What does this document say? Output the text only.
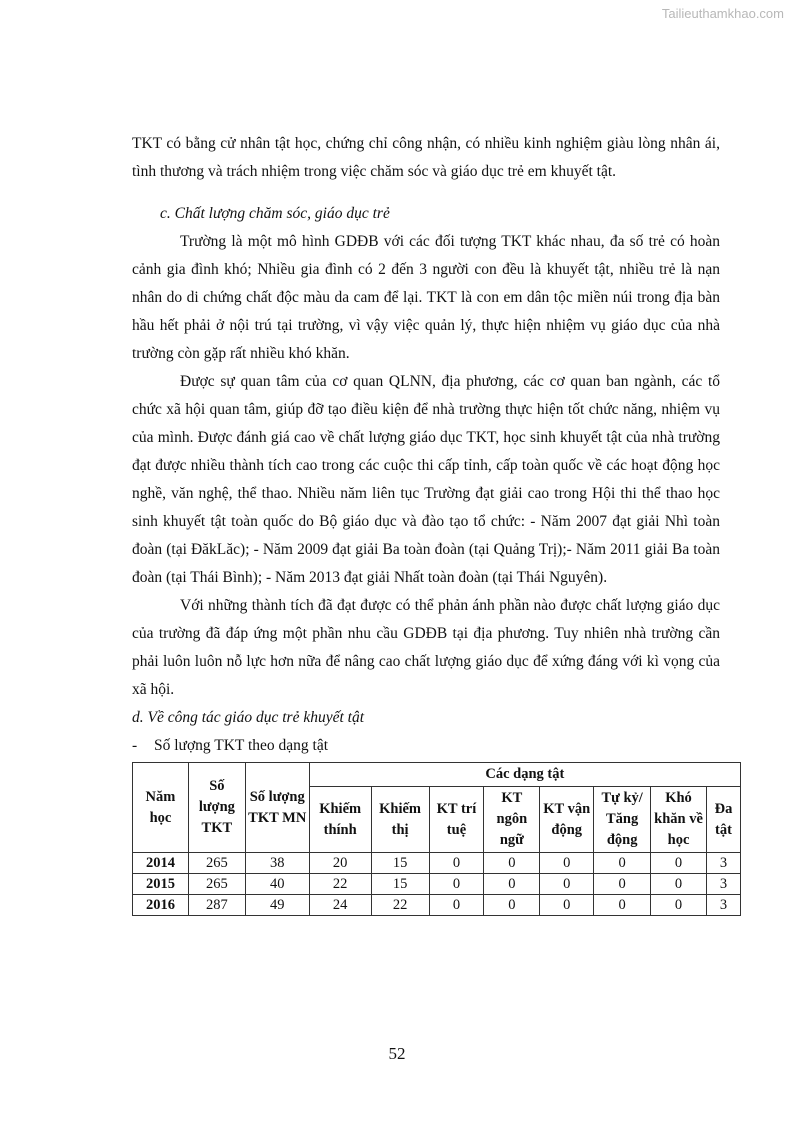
Tailieuthamkhao.com

TKT có bằng cử nhân tật học, chứng chỉ công nhận, có nhiều kinh nghiệm giàu lòng nhân ái, tình thương và trách nhiệm trong việc chăm sóc và giáo dục trẻ em khuyết tật.

c. Chất lượng chăm sóc, giáo dục trẻ

Trường là một mô hình GDĐB với các đối tượng TKT khác nhau, đa số trẻ có hoàn cảnh gia đình khó; Nhiều gia đình có 2 đến 3 người con đều là khuyết tật, nhiều trẻ là nạn nhân do di chứng chất độc màu da cam để lại. TKT là con em dân tộc miền núi trong địa bàn hầu hết phải ở nội trú tại trường, vì vậy việc quản lý, thực hiện nhiệm vụ giáo dục của nhà trường còn gặp rất nhiều khó khăn.

Được sự quan tâm của cơ quan QLNN, địa phương, các cơ quan ban ngành, các tổ chức xã hội quan tâm, giúp đỡ tạo điều kiện để nhà trường thực hiện tốt chức năng, nhiệm vụ của mình. Được đánh giá cao về chất lượng giáo dục TKT, học sinh khuyết tật của nhà trường đạt được nhiều thành tích cao trong các cuộc thi cấp tỉnh, cấp toàn quốc về các hoạt động học nghề, văn nghệ, thể thao. Nhiều năm liên tục Trường đạt giải cao trong Hội thi thể thao học sinh khuyết tật toàn quốc do Bộ giáo dục và đào tạo tổ chức: - Năm 2007 đạt giải Nhì toàn đoàn (tại ĐăkLăc); - Năm 2009 đạt giải Ba toàn đoàn (tại Quảng Trị);- Năm 2011 giải Ba toàn đoàn (tại Thái Bình); - Năm 2013 đạt giải Nhất toàn đoàn (tại Thái Nguyên).

Với những thành tích đã đạt được có thể phản ánh phần nào được chất lượng giáo dục của trường đã đáp ứng một phần nhu cầu GDĐB tại địa phương. Tuy nhiên nhà trường cần phải luôn luôn nỗ lực hơn nữa để nâng cao chất lượng giáo dục để xứng đáng với kì vọng của xã hội.

d. Về công tác giáo dục trẻ khuyết tật
-	Số lượng TKT theo dạng tật
Năm học	Số lượng TKT	Số lượng TKT MN	Các dạng tật							
			Khiếm thính	Khiếm thị	KT trí tuệ	KT ngôn ngữ	KT vận động	Tự kỷ/ Tăng động	Khó khăn về học	Đa tật
2014	265	38	20	15	0	0	0	0	0	3
2015	265	40	22	15	0	0	0	0	0	3
2016	287	49	24	22	0	0	0	0	0	3
52
